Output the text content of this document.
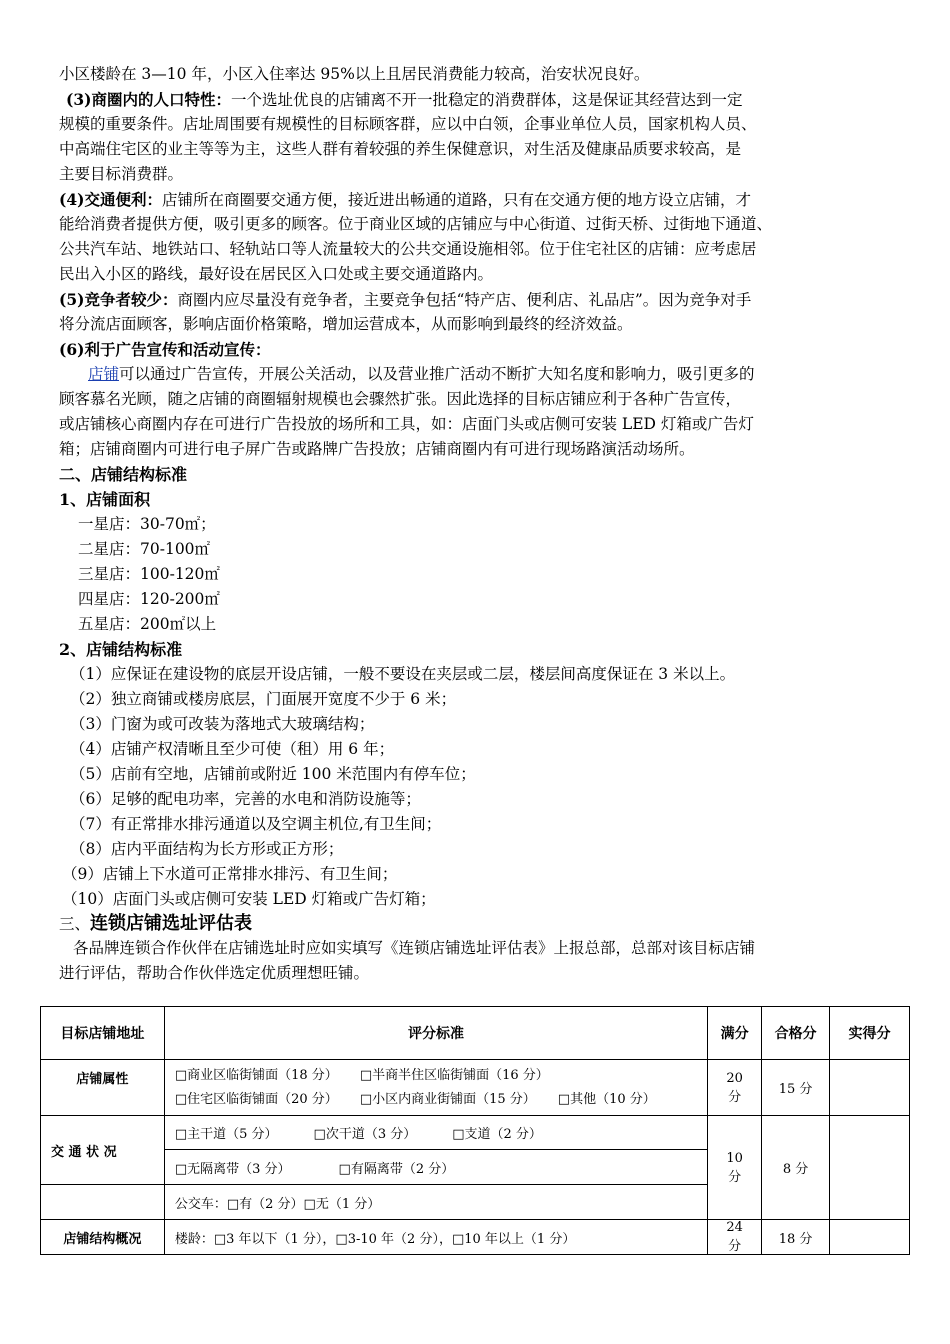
小区楼龄在 3—10 年，小区入住率达 95%以上且居民消费能力较高，治安状况良好。
(3)商圈内的人口特性：一个选址优良的店铺离不开一批稳定的消费群体，这是保证其经营达到一定
规模的重要条件。店址周围要有规模性的目标顾客群，应以中白领，企事业单位人员，国家机构人员、
中高端住宅区的业主等等为主，这些人群有着较强的养生保健意识，对生活及健康品质要求较高，是
主要目标消费群。
(4)交通便利：店铺所在商圈要交通方便，接近进出畅通的道路，只有在交通方便的地方设立店铺，才
能给消费者提供方便，吸引更多的顾客。位于商业区域的店铺应与中心街道、过街天桥、过街地下通道、
公共汽车站、地铁站口、轻轨站口等人流量较大的公共交通设施相邻。位于住宅社区的店铺：应考虑居
民出入小区的路线，最好设在居民区入口处或主要交通道路内。
(5)竞争者较少：商圈内应尽量没有竞争者，主要竞争包括“特产店、便利店、礼品店”。因为竞争对手
将分流店面顾客，影响店面价格策略，增加运营成本，从而影响到最终的经济效益。
(6)利于广告宣传和活动宣传：
店铺可以通过广告宣传，开展公关活动，以及营业推广活动不断扩大知名度和影响力，吸引更多的
顾客慕名光顾，随之店铺的商圈辐射规模也会骤然扩张。因此选择的目标店铺应利于各种广告宣传，
或店铺核心商圈内存在可进行广告投放的场所和工具，如：店面门头或店侧可安装 LED 灯箱或广告灯
箱；店铺商圈内可进行电子屏广告或路牌广告投放；店铺商圈内有可进行现场路演活动场所。
二、店铺结构标准
1、店铺面积
一星店：30-70㎡；
二星店：70-100㎡
三星店：100-120㎡
四星店：120-200㎡
五星店：200㎡以上
2、店铺结构标准
（1）应保证在建设物的底层开设店铺，一般不要设在夹层或二层，楼层间高度保证在 3 米以上。
（2）独立商铺或楼房底层，门面展开宽度不少于 6 米；
（3）门窗为或可改装为落地式大玻璃结构；
（4）店铺产权清晰且至少可使（租）用 6 年；
（5）店前有空地，店铺前或附近 100 米范围内有停车位；
（6）足够的配电功率，完善的水电和消防设施等；
（7）有正常排水排污通道以及空调主机位,有卫生间；
（8）店内平面结构为长方形或正方形；
（9）店铺上下水道可正常排水排污、有卫生间；
（10）店面门头或店侧可安装 LED 灯箱或广告灯箱；
三、连锁店铺选址评估表
各品牌连锁合作伙伴在店铺选址时应如实填写《连锁店铺选址评估表》上报总部，总部对该目标店铺
进行评估，帮助合作伙伴选定优质理想旺铺。
目标店铺地址	评分标准	满分	合格分	实得分
店铺属性	□商业区临街铺面（18 分） □半商半住区临街铺面（16 分）
□住宅区临街铺面（20 分） □小区内商业街铺面（15 分） □其他（10 分）	20 分	15 分	
交 通 状 况	□主干道（5 分） □次干道（3 分） □支道（2 分）	10 分	8 分	
	□无隔离带（3 分） □有隔离带（2 分）			
	公交车：□有（2 分）□无（1 分）			
店铺结构概况	楼龄：□3 年以下（1 分），□3-10 年（2 分），□10 年以上（1 分）	24 分	18 分	
